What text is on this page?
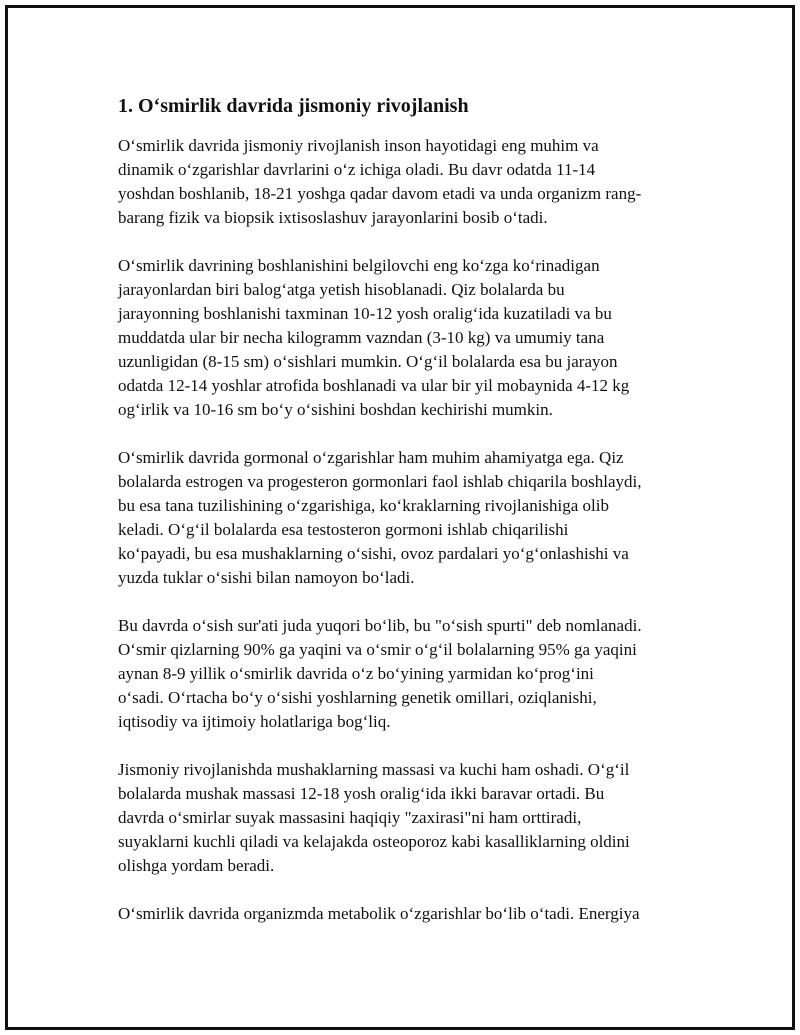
1. O‘smirlik davrida jismoniy rivojlanish
O‘smirlik davrida jismoniy rivojlanish inson hayotidagi eng muhim va
dinamik o‘zgarishlar davrlarini o‘z ichiga oladi. Bu davr odatda 11-14
yoshdan boshlanib, 18-21 yoshga qadar davom etadi va unda organizm rang-
barang fizik va biopsik ixtisoslashuv jarayonlarini bosib o‘tadi.
O‘smirlik davrining boshlanishini belgilovchi eng ko‘zga ko‘rinadigan
jarayonlardan biri balog‘atga yetish hisoblanadi. Qiz bolalarda bu
jarayonning boshlanishi taxminan 10-12 yosh oralig‘ida kuzatiladi va bu
muddatda ular bir necha kilogramm vazndan (3-10 kg) va umumiy tana
uzunligidan (8-15 sm) o‘sishlari mumkin. O‘g‘il bolalarda esa bu jarayon
odatda 12-14 yoshlar atrofida boshlanadi va ular bir yil mobaynida 4-12 kg
og‘irlik va 10-16 sm bo‘y o‘sishini boshdan kechirishi mumkin.
O‘smirlik davrida gormonal o‘zgarishlar ham muhim ahamiyatga ega. Qiz
bolalarda estrogen va progesteron gormonlari faol ishlab chiqarila boshlaydi,
bu esa tana tuzilishining o‘zgarishiga, ko‘kraklarning rivojlanishiga olib
keladi. O‘g‘il bolalarda esa testosteron gormoni ishlab chiqarilishi
ko‘payadi, bu esa mushaklarning o‘sishi, ovoz pardalari yo‘g‘onlashishi va
yuzda tuklar o‘sishi bilan namoyon bo‘ladi.
Bu davrda o‘sish sur'ati juda yuqori bo‘lib, bu "o‘sish spurti" deb nomlanadi.
O‘smir qizlarning 90% ga yaqini va o‘smir o‘g‘il bolalarning 95% ga yaqini
aynan 8-9 yillik o‘smirlik davrida o‘z bo‘yining yarmidan ko‘prog‘ini
o‘sadi. O‘rtacha bo‘y o‘sishi yoshlarning genetik omillari, oziqlanishi,
iqtisodiy va ijtimoiy holatlariga bog‘liq.
Jismoniy rivojlanishda mushaklarning massasi va kuchi ham oshadi. O‘g‘il
bolalarda mushak massasi 12-18 yosh oralig‘ida ikki baravar ortadi. Bu
davrda o‘smirlar suyak massasini haqiqiy "zaxirasi"ni ham orttiradi,
suyaklarni kuchli qiladi va kelajakda osteoporoz kabi kasalliklarning oldini
olishga yordam beradi.
O‘smirlik davrida organizmda metabolik o‘zgarishlar bo‘lib o‘tadi. Energiya
